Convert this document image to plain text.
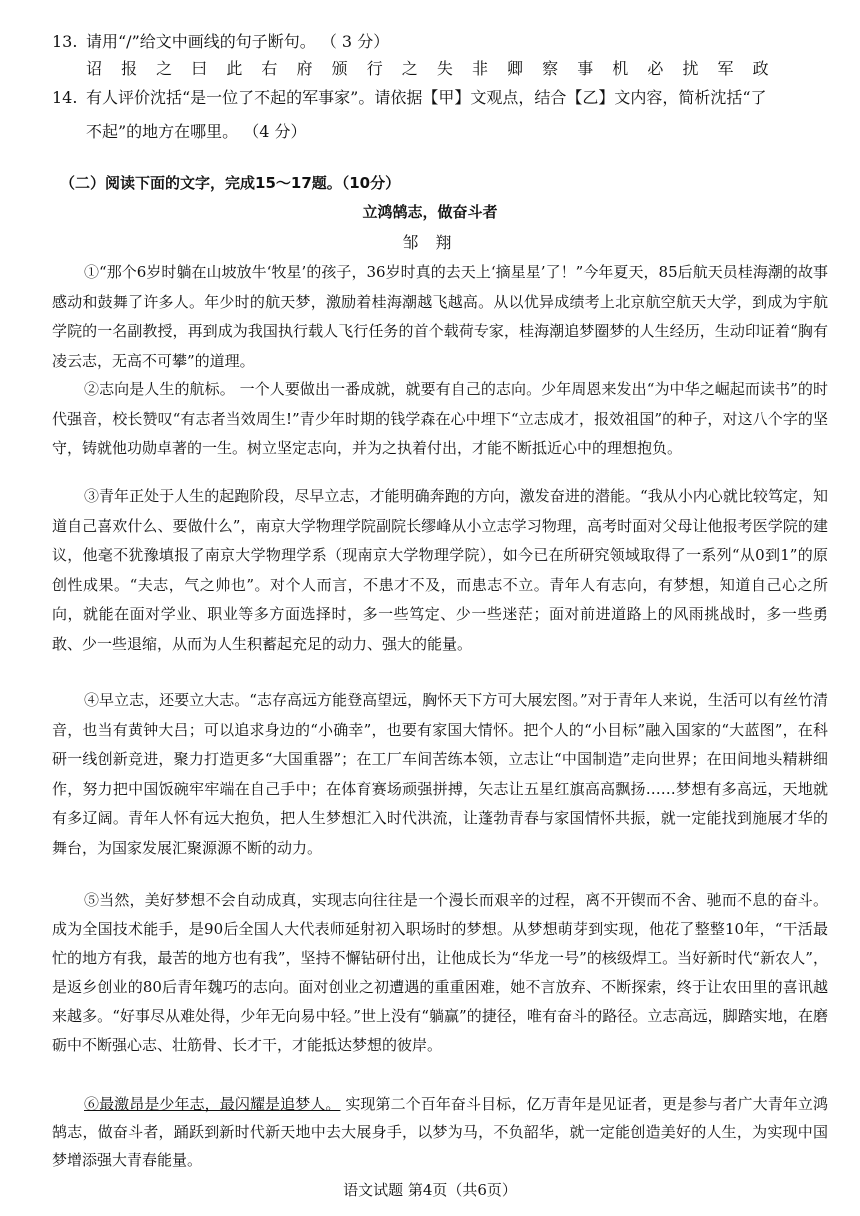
13. 请用“/”给文中画线的句子断句。 （ 3 分）
诏 报 之 曰 此 右 府 颁 行 之 失 非 卿 察 事 机 必 扰 军 政
14. 有人评价沈括“是一位了不起的军事家”。请依据【甲】文观点，结合【乙】文内容，简析沈括“了
不起”的地方在哪里。 （4 分）
（二）阅读下面的文字，完成15～17题。（10分）
立鸿鹄志，做奋斗者
邹 翔
①“那个6岁时躺在山坡放牛‘牧星’的孩子，36岁时真的去天上‘摘星星’了！”今年夏天，85后航天员桂海潮的故事感动和鼓舞了许多人。年少时的航天梦，激励着桂海潮越飞越高。从以优异成绩考上北京航空航天大学，到成为宇航学院的一名副教授，再到成为我国执行载人飞行任务的首个载荷专家，桂海潮追梦圈梦的人生经历，生动印证着“胸有凌云志，无高不可攀”的道理。
②志向是人生的航标。 一个人要做出一番成就，就要有自己的志向。少年周恩来发出“为中华之崛起而读书”的时代强音，校长赞叹“有志者当效周生!”青少年时期的钱学森在心中埋下“立志成才，报效祖国”的种子，对这八个字的坚守，铸就他功勋卓著的一生。树立坚定志向，并为之执着付出，才能不断抵近心中的理想抱负。
③青年正处于人生的起跑阶段，尽早立志，才能明确奔跑的方向，激发奋进的潜能。“我从小内心就比较笃定，知道自己喜欢什么、要做什么”，南京大学物理学院副院长缪峰从小立志学习物理，高考时面对父母让他报考医学院的建议，他毫不犹豫填报了南京大学物理学系（现南京大学物理学院），如今已在所研究领域取得了一系列“从0到1”的原创性成果。“夫志，气之帅也”。对个人而言，不患才不及，而患志不立。青年人有志向，有梦想，知道自己心之所向，就能在面对学业、职业等多方面选择时，多一些笃定、少一些迷茫；面对前进道路上的风雨挑战时，多一些勇敢、少一些退缩，从而为人生积蓄起充足的动力、强大的能量。
④早立志，还要立大志。“志存高远方能登高望远，胸怀天下方可大展宏图。”对于青年人来说，生活可以有丝竹清音，也当有黄钟大吕；可以追求身边的“小确幸”，也要有家国大情怀。把个人的“小目标”融入国家的“大蓝图”，在科研一线创新竞进，聚力打造更多“大国重器”；在工厂车间苦练本领，立志让“中国制造”走向世界；在田间地头精耕细作，努力把中国饭碗牢牢端在自己手中；在体育赛场顽强拼搏，矢志让五星红旗高高飘扬……梦想有多高远，天地就有多辽阔。青年人怀有远大抱负，把人生梦想汇入时代洪流，让蓬勃青春与家国情怀共振，就一定能找到施展才华的舞台，为国家发展汇聚源源不断的动力。
⑤当然，美好梦想不会自动成真，实现志向往往是一个漫长而艰辛的过程，离不开锲而不舍、驰而不息的奋斗。成为全国技术能手，是90后全国人大代表师延射初入职场时的梦想。从梦想萌芽到实现，他花了整整10年，“干活最忙的地方有我，最苦的地方也有我”，坚持不懈钻研付出，让他成长为“华龙一号”的核级焊工。当好新时代“新农人”，是返乡创业的80后青年魏巧的志向。面对创业之初遭遇的重重困难，她不言放弃、不断探索，终于让农田里的喜讯越来越多。“好事尽从难处得，少年无向易中轻。”世上没有“躺赢”的捷径，唯有奋斗的路径。立志高远，脚踏实地，在磨砺中不断强心志、壮筋骨、长才干，才能抵达梦想的彼岸。
⑥最激昂是少年志，最闪耀是追梦人。 实现第二个百年奋斗目标，亿万青年是见证者，更是参与者广大青年立鸿鹄志，做奋斗者，踊跃到新时代新天地中去大展身手，以梦为马，不负韶华，就一定能创造美好的人生，为实现中国梦增添强大青春能量。
语文试题 第4页（共6页）
